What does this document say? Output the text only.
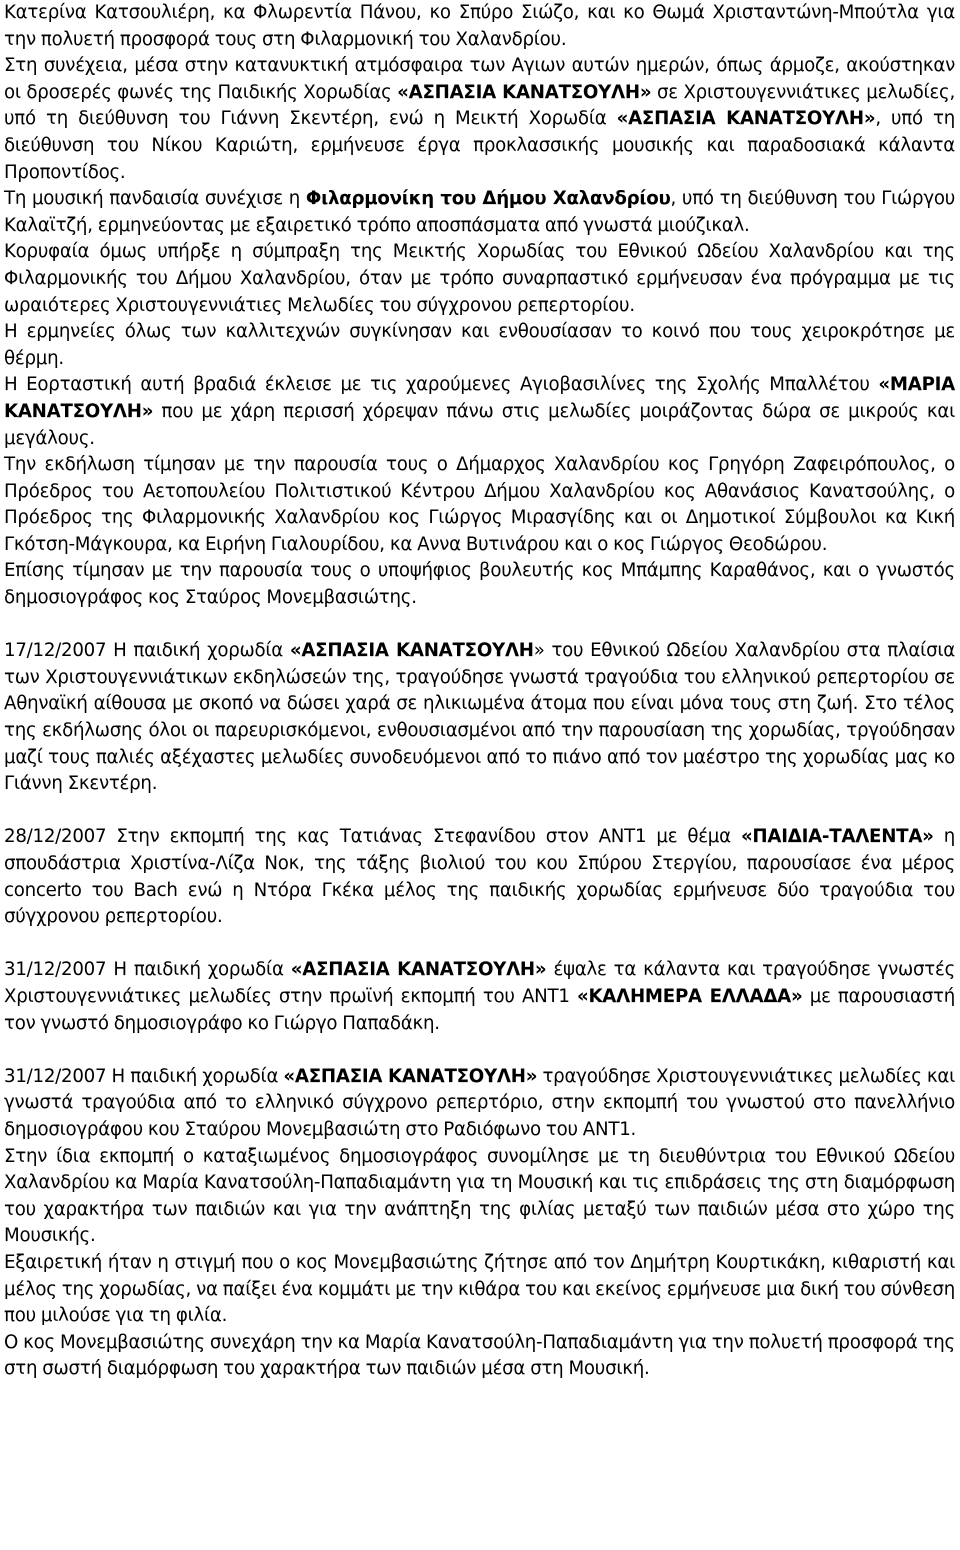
Κατερίνα Κατσουλιέρη, κα Φλωρεντία Πάνου, κο Σπύρο Σιώζο, και κο Θωμά Χρισταντώνη-Μπούτλα για την πολυετή προσφορά τους στη Φιλαρμονική του Χαλανδρίου.

Στη συνέχεια, μέσα στην κατανυκτική ατμόσφαιρα των Αγιων αυτών ημερών, όπως άρμοζε, ακούστηκαν οι δροσερές φωνές της Παιδικής Χορωδίας «ΑΣΠΑΣΙΑ ΚΑΝΑΤΣΟΥΛΗ» σε Χριστουγεννιάτικες μελωδίες, υπό τη διεύθυνση του Γιάννη Σκεντέρη, ενώ η Μεικτή Χορωδία «ΑΣΠΑΣΙΑ ΚΑΝΑΤΣΟΥΛΗ», υπό τη διεύθυνση του Νίκου Καριώτη, ερμήνευσε έργα προκλασσικής μουσικής και παραδοσιακά κάλαντα Προποντίδος.

Τη μουσική πανδαισία συνέχισε η Φιλαρμονίκη του Δήμου Χαλανδρίου, υπό τη διεύθυνση του Γιώργου Καλαϊτζή, ερμηνεύοντας με εξαιρετικό τρόπο αποσπάσματα από γνωστά μιούζικαλ.

Κορυφαία όμως υπήρξε η σύμπραξη της Μεικτής Χορωδίας του Εθνικού Ωδείου Χαλανδρίου και της Φιλαρμονικής του Δήμου Χαλανδρίου, όταν με τρόπο συναρπαστικό ερμήνευσαν ένα πρόγραμμα με τις ωραιότερες Χριστουγεννιάτιες Μελωδίες του σύγχρονου ρεπερτορίου.

Η ερμηνείες όλως των καλλιτεχνών συγκίνησαν και ενθουσίασαν το κοινό που τους χειροκρότησε με θέρμη.

Η Εορταστική αυτή βραδιά έκλεισε με τις χαρούμενες Αγιοβασιλίνες της Σχολής Μπαλλέτου «ΜΑΡΙΑ ΚΑΝΑΤΣΟΥΛΗ» που με χάρη περισσή χόρεψαν πάνω στις μελωδίες μοιράζοντας δώρα σε μικρούς και μεγάλους.

Την εκδήλωση τίμησαν με την παρουσία τους ο Δήμαρχος Χαλανδρίου κος Γρηγόρη Ζαφειρόπουλος, ο Πρόεδρος του Αετοπουλείου Πολιτιστικού Κέντρου Δήμου Χαλανδρίου κος Αθανάσιος Κανατσούλης, ο Πρόεδρος της Φιλαρμονικής Χαλανδρίου κος Γιώργος Μιρασγίδης και οι Δημοτικοί Σύμβουλοι κα Κική Γκότση-Μάγκουρα, κα Ειρήνη Γιαλουρίδου, κα Αννα Βυτινάρου και ο κος Γιώργος Θεοδώρου.

Επίσης τίμησαν με την παρουσία τους ο υποψήφιος βουλευτής κος Μπάμπης Καραθάνος, και ο γνωστός δημοσιογράφος κος Σταύρος Μονεμβασιώτης.

17/12/2007 Η παιδική χορωδία «ΑΣΠΑΣΙΑ ΚΑΝΑΤΣΟΥΛΗ» του Εθνικού Ωδείου Χαλανδρίου στα πλαίσια των Χριστουγεννιάτικων εκδηλώσεών της, τραγούδησε γνωστά τραγούδια του ελληνικού ρεπερτορίου σε Αθηναϊκή αίθουσα με σκοπό να δώσει χαρά σε ηλικιωμένα άτομα που είναι μόνα τους στη ζωή. Στο τέλος της εκδήλωσης όλοι οι παρευρισκόμενοι, ενθουσιασμένοι από την παρουσίαση της χορωδίας, τργούδησαν μαζί τους παλιές αξέχαστες μελωδίες συνοδευόμενοι από το πιάνο από τον μαέστρο της χορωδίας μας κο Γιάννη Σκεντέρη.

28/12/2007 Στην εκπομπή της κας Τατιάνας Στεφανίδου στον ΑΝΤ1 με θέμα «ΠΑΙΔΙΑ-ΤΑΛΕΝΤΑ» η σπουδάστρια Χριστίνα-Λίζα Νοκ, της τάξης βιολιού του κου Σπύρου Στεργίου, παρουσίασε ένα μέρος concerto του Bach ενώ η Ντόρα Γκέκα μέλος της παιδικής χορωδίας ερμήνευσε δύο τραγούδια του σύγχρονου ρεπερτορίου.

31/12/2007 Η παιδική χορωδία «ΑΣΠΑΣΙΑ ΚΑΝΑΤΣΟΥΛΗ» έψαλε τα κάλαντα και τραγούδησε γνωστές Χριστουγεννιάτικες μελωδίες στην πρωϊνή εκπομπή του ΑΝΤ1 «ΚΑΛΗΜΕΡΑ ΕΛΛΑΔΑ» με παρουσιαστή τον γνωστό δημοσιογράφο κο Γιώργο Παπαδάκη.

31/12/2007 Η παιδική χορωδία «ΑΣΠΑΣΙΑ ΚΑΝΑΤΣΟΥΛΗ» τραγούδησε Χριστουγεννιάτικες μελωδίες και γνωστά τραγούδια από το ελληνικό σύγχρονο ρεπερτόριο, στην εκπομπή του γνωστού στο πανελλήνιο δημοσιογράφου κου Σταύρου Μονεμβασιώτη στο Ραδιόφωνο του ΑΝΤ1.

Στην ίδια εκπομπή ο καταξιωμένος δημοσιογράφος συνομίλησε με τη διευθύντρια του Εθνικού Ωδείου Χαλανδρίου κα Μαρία Κανατσούλη-Παπαδιαμάντη για τη Μουσική και τις επιδράσεις της στη διαμόρφωση του χαρακτήρα των παιδιών και για την ανάπτηξη της φιλίας μεταξύ των παιδιών μέσα στο χώρο της Μουσικής.

Εξαιρετική ήταν η στιγμή που ο κος Μονεμβασιώτης ζήτησε από τον Δημήτρη Κουρτικάκη, κιθαριστή και μέλος της χορωδίας, να παίξει ένα κομμάτι με την κιθάρα του και εκείνος ερμήνευσε μια δική του σύνθεση που μιλούσε για τη φιλία.

Ο κος Μονεμβασιώτης συνεχάρη την κα Μαρία Κανατσούλη-Παπαδιαμάντη για την πολυετή προσφορά της στη σωστή διαμόρφωση του χαρακτήρα των παιδιών μέσα στη Μουσική.
